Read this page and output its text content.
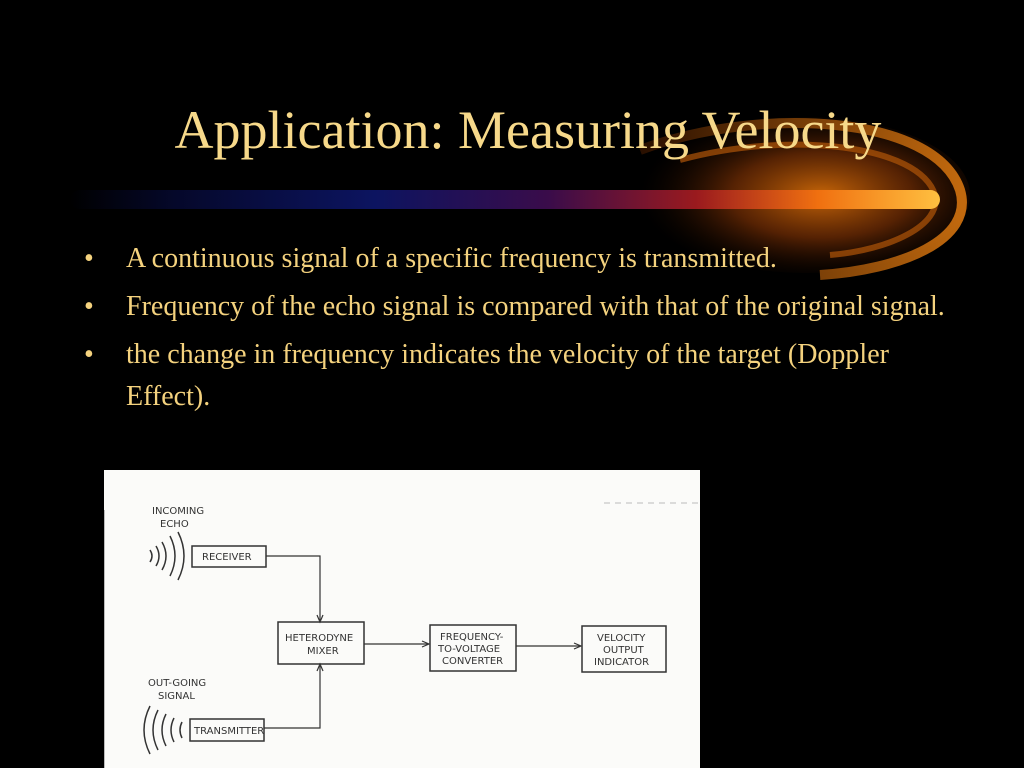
Application: Measuring Velocity
•	A continuous signal of a specific frequency is transmitted.
•	Frequency of the echo signal is compared with that of the original signal.
•	the change in frequency indicates the velocity of the target (Doppler Effect).
INCOMING
ECHO
RECEIVER
HETERODYNE
MIXER
FREQUENCY-
TO-VOLTAGE
CONVERTER
VELOCITY
OUTPUT
INDICATOR
OUT-GOING
SIGNAL
TRANSMITTER
